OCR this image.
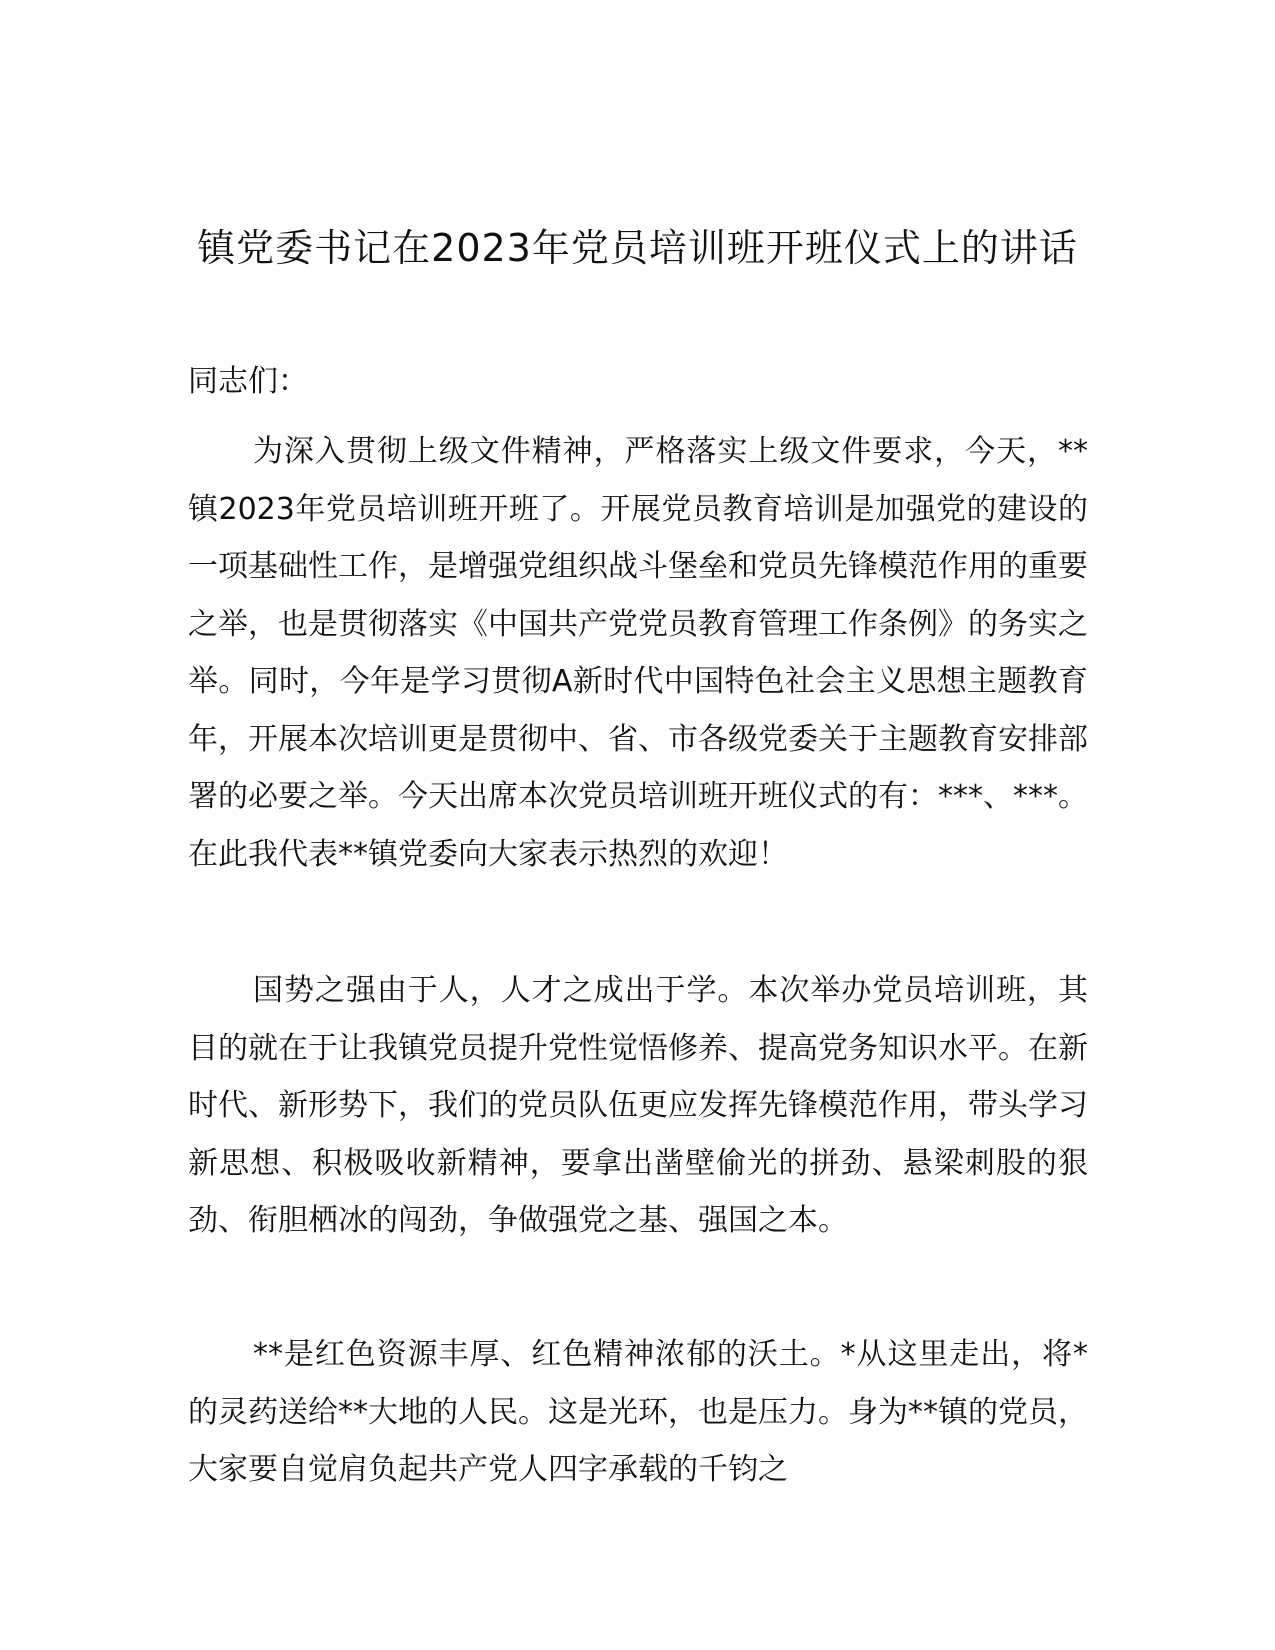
镇党委书记在2023年党员培训班开班仪式上的讲话
同志们：

为深入贯彻上级文件精神，严格落实上级文件要求，今天，**镇2023年党员培训班开班了。开展党员教育培训是加强党的建设的一项基础性工作，是增强党组织战斗堡垒和党员先锋模范作用的重要之举，也是贯彻落实《中国共产党党员教育管理工作条例》的务实之举。同时，今年是学习贯彻A新时代中国特色社会主义思想主题教育年，开展本次培训更是贯彻中、省、市各级党委关于主题教育安排部署的必要之举。今天出席本次党员培训班开班仪式的有：***、***。在此我代表**镇党委向大家表示热烈的欢迎！

国势之强由于人，人才之成出于学。本次举办党员培训班，其目的就在于让我镇党员提升党性觉悟修养、提高党务知识水平。在新时代、新形势下，我们的党员队伍更应发挥先锋模范作用，带头学习新思想、积极吸收新精神，要拿出凿壁偷光的拼劲、悬梁刺股的狠劲、衔胆栖冰的闯劲，争做强党之基、强国之本。

**是红色资源丰厚、红色精神浓郁的沃土。*从这里走出，将*的灵药送给**大地的人民。这是光环，也是压力。身为**镇的党员，大家要自觉肩负起共产党人四字承载的千钧之
